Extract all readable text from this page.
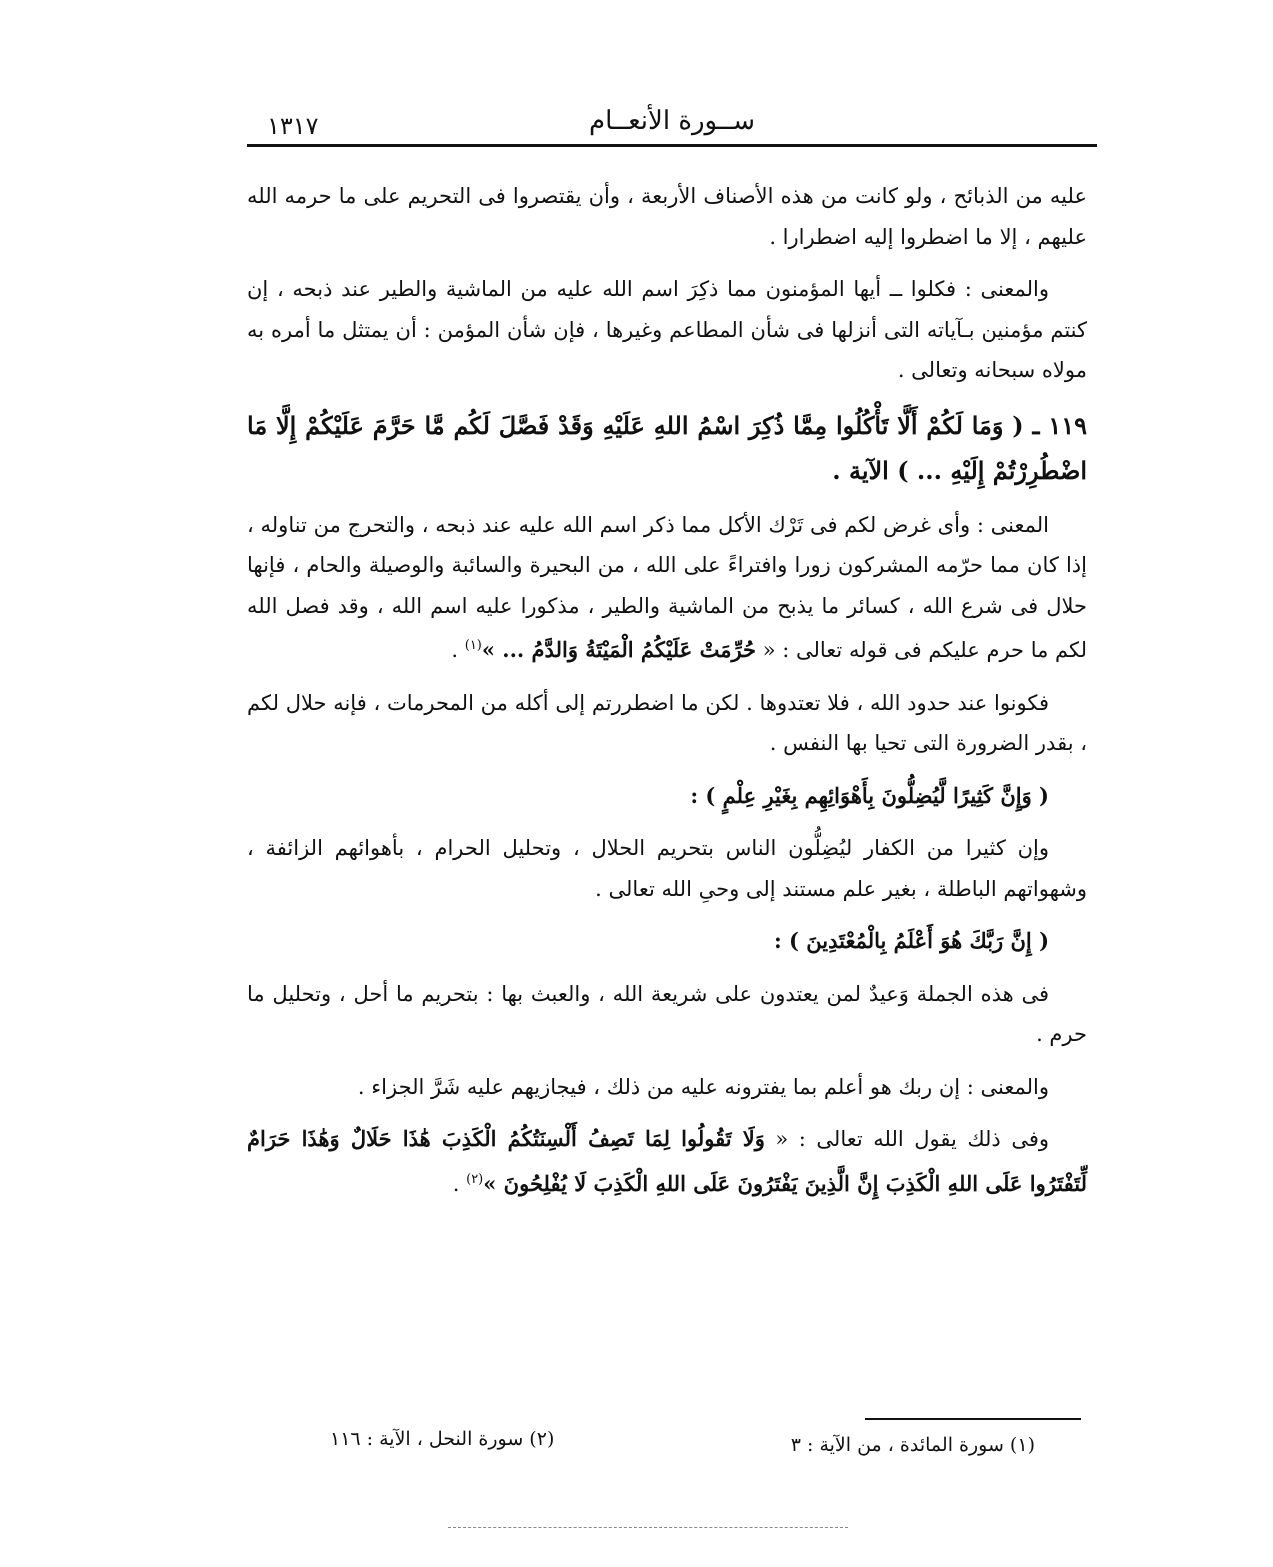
١٣١٧	ســورة الأنعــام

عليه من الذبائح ، ولو كانت من هذه الأصناف الأربعة ، وأن يقتصروا فى التحريم على ما حرمه الله عليهم ، إلا ما اضطروا إليه اضطرارا .

والمعنى : فكلوا ــ أيها المؤمنون مما ذكِرَ اسم الله عليه من الماشية والطير عند ذبحه ، إن كنتم مؤمنين بـآياته التى أنزلها فى شأن المطاعم وغيرها ، فإن شأن المؤمن : أن يمتثل ما أمره به مولاه سبحانه وتعالى .

١١٩ ـ ( وَمَا لَكُمْ أَلَّا تَأْكُلُوا مِمَّا ذُكِرَ اسْمُ اللهِ عَلَيْهِ وَقَدْ فَصَّلَ لَكُم مَّا حَرَّمَ عَلَيْكُمْ إِلَّا مَا اضْطُرِرْتُمْ إِلَيْهِ ... ) الآية .

المعنى : وأى غرض لكم فى تَرْك الأكل مما ذكر اسم الله عليه عند ذبحه ، والتحرج من تناوله ، إذا كان مما حرّمه المشركون زورا وافتراءً على الله ، من البحيرة والسائبة والوصيلة والحام ، فإنها حلال فى شرع الله ، كسائر ما يذبح من الماشية والطير ، مذكورا عليه اسم الله ، وقد فصل الله لكم ما حرم عليكم فى قوله تعالى : « حُرِّمَتْ عَلَيْكُمُ الْمَيْتَةُ وَالدَّمُ ... »$^{(١)}$ .

فكونوا عند حدود الله ، فلا تعتدوها . لكن ما اضطررتم إلى أكله من المحرمات ، فإنه حلال لكم ، بقدر الضرورة التى تحيا بها النفس .

( وَإِنَّ كَثِيرًا لَّيُضِلُّونَ بِأَهْوَائِهِم بِغَيْرِ عِلْمٍ ) :

وإن كثيرا من الكفار ليُضِلُّون الناس بتحريم الحلال ، وتحليل الحرام ، بأهوائهم الزائفة ، وشهواتهم الباطلة ، بغير علم مستند إلى وحىِ الله تعالى .

( إِنَّ رَبَّكَ هُوَ أَعْلَمُ بِالْمُعْتَدِينَ ) :

فى هذه الجملة وَعيدٌ لمن يعتدون على شريعة الله ، والعبث بها : بتحريم ما أحل ، وتحليل ما حرم .

والمعنى : إن ربك هو أعلم بما يفترونه عليه من ذلك ، فيجازيهم عليه شَرَّ الجزاء .

وفى ذلك يقول الله تعالى : « وَلَا تَقُولُوا لِمَا تَصِفُ أَلْسِنَتُكُمُ الْكَذِبَ هَٰذَا حَلَالٌ وَهَٰذَا حَرَامٌ لِّتَفْتَرُوا عَلَى اللهِ الْكَذِبَ إِنَّ الَّذِينَ يَفْتَرُونَ عَلَى اللهِ الْكَذِبَ لَا يُفْلِحُونَ »$^{(٢)}$ .

(١) سورة المائدة ، من الآية : ٣
(٢) سورة النحل ، الآية : ١١٦
